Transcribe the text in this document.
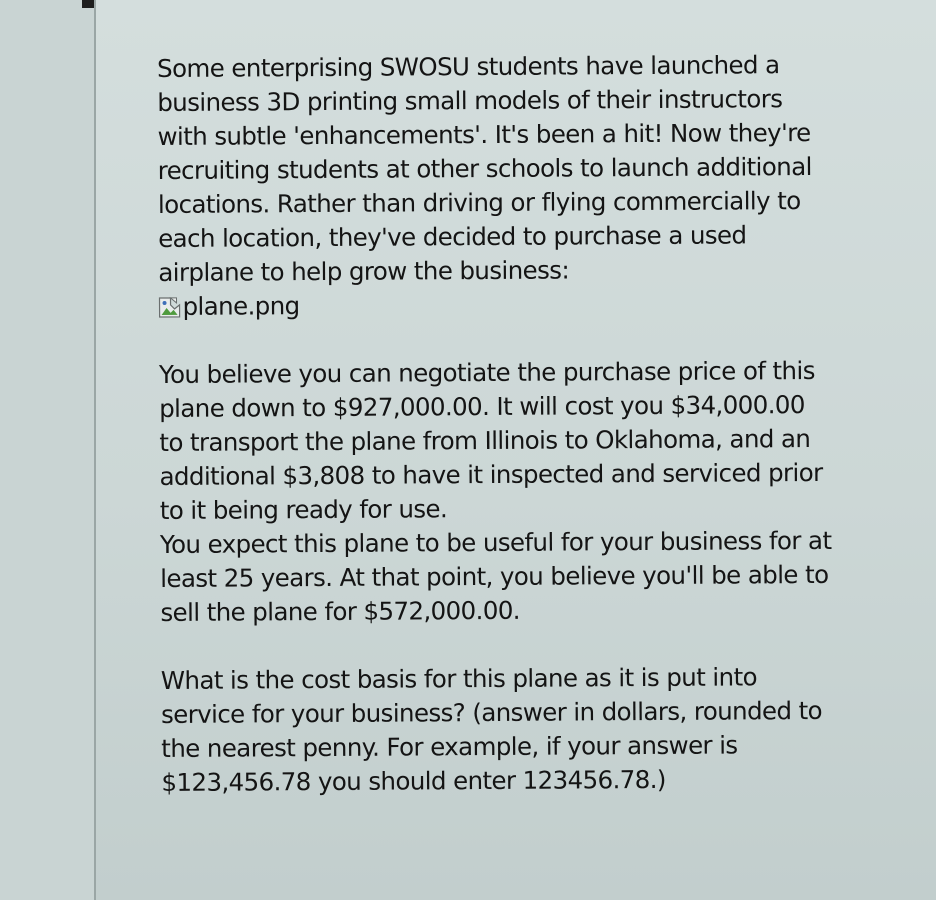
Some enterprising SWOSU students have launched a
business 3D printing small models of their instructors
with subtle 'enhancements'. It's been a hit! Now they're
recruiting students at other schools to launch additional
locations. Rather than driving or flying commercially to
each location, they've decided to purchase a used
airplane to help grow the business:

plane.png

You believe you can negotiate the purchase price of this
plane down to $927,000.00. It will cost you $34,000.00
to transport the plane from Illinois to Oklahoma, and an
additional $3,808 to have it inspected and serviced prior
to it being ready for use.

You expect this plane to be useful for your business for at
least 25 years. At that point, you believe you'll be able to
sell the plane for $572,000.00.

What is the cost basis for this plane as it is put into
service for your business? (answer in dollars, rounded to
the nearest penny. For example, if your answer is
$123,456.78 you should enter 123456.78.)
